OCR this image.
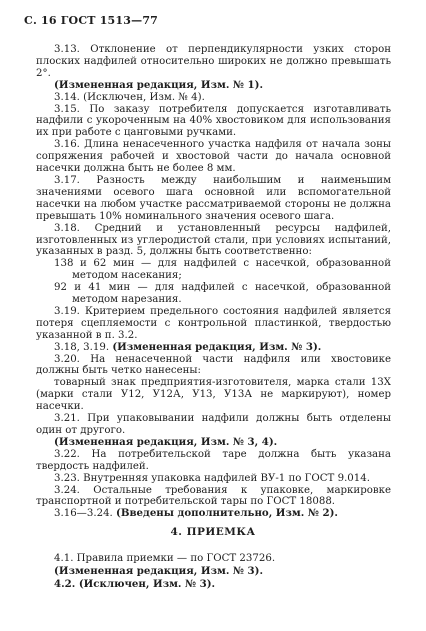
С. 16 ГОСТ 1513—77

3.13. Отклонение от перпендикулярности узких сторон плоских надфилей относительно широких не должно превышать 2°.

(Измененная редакция, Изм. № 1).

3.14. (Исключен, Изм. № 4).

3.15. По заказу потребителя допускается изготавливать надфили с укороченным на 40% хвостовиком для использования их при работе с цанговыми ручками.

3.16. Длина ненасеченного участка надфиля от начала зоны сопряжения рабочей и хвостовой части до начала основной насечки должна быть не более 8 мм.

3.17. Разность между наибольшим и наименьшим значениями осевого шага основной или вспомогательной насечки на любом участке рассматриваемой стороны не должна превышать 10% номинального значения осевого шага.

3.18. Средний и установленный ресурсы надфилей, изготовленных из углеродистой стали, при условиях испытаний, указанных в разд. 5, должны быть соответственно:

138 и 62 мин — для надфилей с насечкой, образованной методом насекания;

92 и 41 мин — для надфилей с насечкой, образованной методом нарезания.

3.19. Критерием предельного состояния надфилей является потеря сцепляемости с контрольной пластинкой, твердостью указанной в п. 3.2.

3.18, 3.19. (Измененная редакция, Изм. № 3).

3.20. На ненасеченной части надфиля или хвостовике должны быть четко нанесены:

товарный знак предприятия-изготовителя, марка стали 13Х (марки стали У12, У12А, У13, У13А не маркируют), номер насечки.

3.21. При упаковывании надфили должны быть отделены один от другого.

(Измененная редакция, Изм. № 3, 4).

3.22. На потребительской таре должна быть указана твердость надфилей.

3.23. Внутренняя упаковка надфилей ВУ-1 по ГОСТ 9.014.

3.24. Остальные требования к упаковке, маркировке транспортной и потребительской тары по ГОСТ 18088.

3.16—3.24. (Введены дополнительно, Изм. № 2).

4. ПРИЕМКА

4.1. Правила приемки — по ГОСТ 23726.

(Измененная редакция, Изм. № 3).

4.2. (Исключен, Изм. № 3).
